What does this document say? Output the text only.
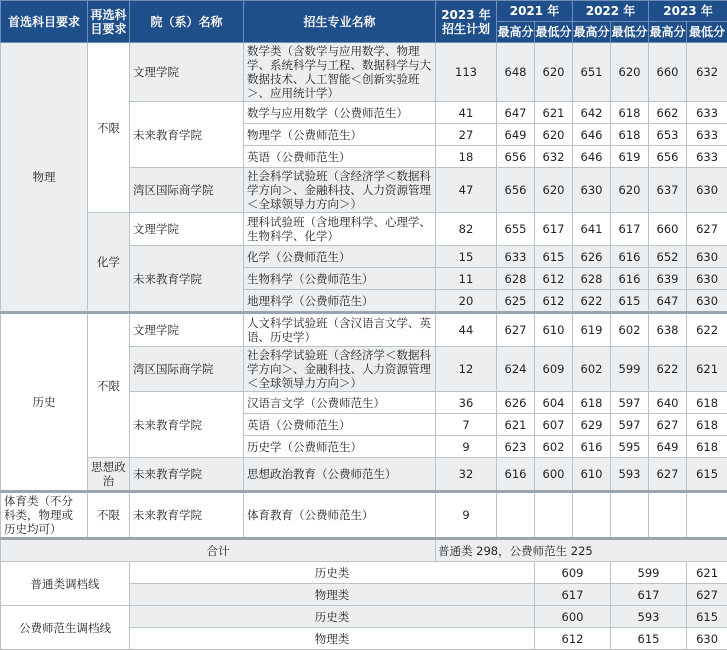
首选科目要求	再选科目要求	院（系）名称	招生专业名称	2023 年
招生计划	2021 年		2022 年		2023 年	
					最高分	最低分	最高分	最低分	最高分	最低分
物理	不限	文理学院	数学类（含数学与应用数学、物理学、系统科学与工程、数据科学与大数据技术、人工智能＜创新实验班＞、应用统计学）	113	648	620	651	620	660	632
		未来教育学院	数学与应用数学（公费师范生）	41	647	621	642	618	662	633
			物理学（公费师范生）	27	649	620	646	618	653	633
			英语（公费师范生）	18	656	632	646	619	656	633
		湾区国际商学院	社会科学试验班（含经济学＜数据科学方向＞、金融科技、人力资源管理＜全球领导力方向＞）	47	656	620	630	620	637	630
	化学	文理学院	理科试验班（含地理科学、心理学、生物科学、化学）	82	655	617	641	617	660	627
		未来教育学院	化学（公费师范生）	15	633	615	626	616	652	630
			生物科学（公费师范生）	11	628	612	628	616	639	630
			地理科学（公费师范生）	20	625	612	622	615	647	630
历史	不限	文理学院	人文科学试验班（含汉语言文学、英语、历史学）	44	627	610	619	602	638	622
		湾区国际商学院	社会科学试验班（含经济学＜数据科学方向＞、金融科技、人力资源管理＜全球领导力方向＞）	12	624	609	602	599	622	621
		未来教育学院	汉语言文学（公费师范生）	36	626	604	618	597	640	618
			英语（公费师范生）	7	621	607	629	597	627	618
			历史学（公费师范生）	9	623	602	616	595	649	618
	思想政治	未来教育学院	思想政治教育（公费师范生）	32	616	600	610	593	627	615
体育类（不分科类，物理或历史均可）	不限	未来教育学院	体育教育（公费师范生）	9						
合计				普通类 298，公费师范生 225						
普通类调档线		历史类				609		599		621
		物理类				617		617		627
公费师范生调档线		历史类				600		593		615
		物理类				612		615		630
